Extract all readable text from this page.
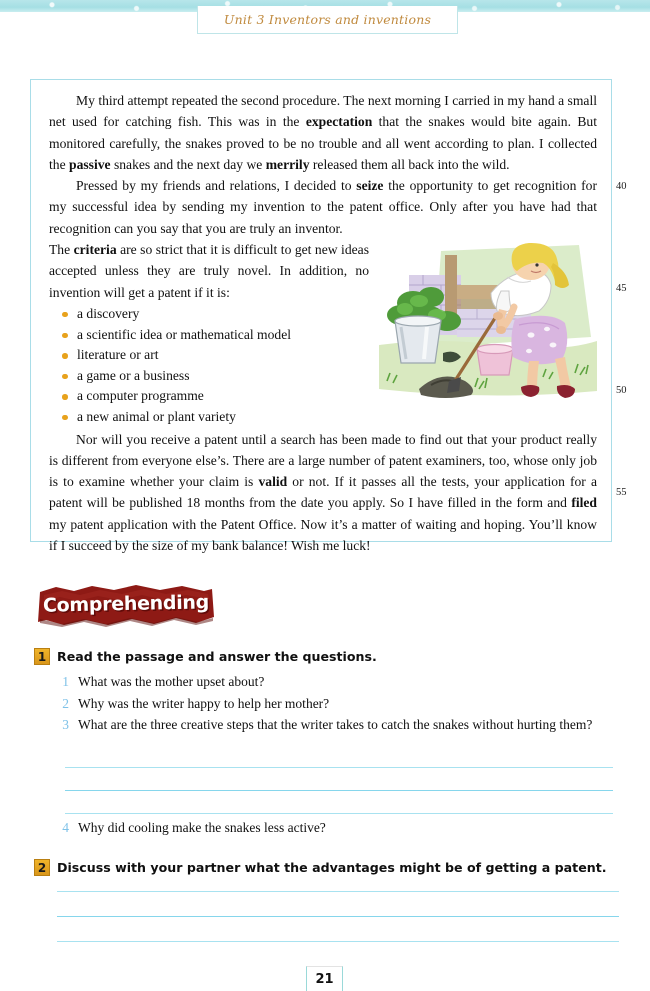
Unit 3 Inventors and inventions

My third attempt repeated the second procedure. The next morning I carried in my hand a small net used for catching fish. This was in the expectation that the snakes would bite again. But monitored carefully, the snakes proved to be no trouble and all went according to plan. I collected the passive snakes and the next day we merrily released them all back into the wild.

Pressed by my friends and relations, I decided to seize the opportunity to get recognition for my successful idea by sending my invention to the patent office. Only after you have had that recognition can you say that you are truly an inventor.

The criteria are so strict that it is difficult to get new ideas accepted unless they are truly novel. In addition, no invention will get a patent if it is:

a discovery
a scientific idea or mathematical model
literature or art
a game or a business
a computer programme
a new animal or plant variety

Nor will you receive a patent until a search has been made to find out that your product really is different from everyone else’s. There are a large number of patent examiners, too, whose only job is to examine whether your claim is valid or not. If it passes all the tests, your application for a patent will be published 18 months from the date you apply. So I have filled in the form and filed my patent application with the Patent Office. Now it’s a matter of waiting and hoping. You’ll know if I succeed by the size of my bank balance! Wish me luck!

40
45
50
55
Comprehending
1 Read the passage and answer the questions.
1 What was the mother upset about?
2 Why was the writer happy to help her mother?
3 What are the three creative steps that the writer takes to catch the snakes without hurting them?
4 Why did cooling make the snakes less active?
2 Discuss with your partner what the advantages might be of getting a patent.
21
